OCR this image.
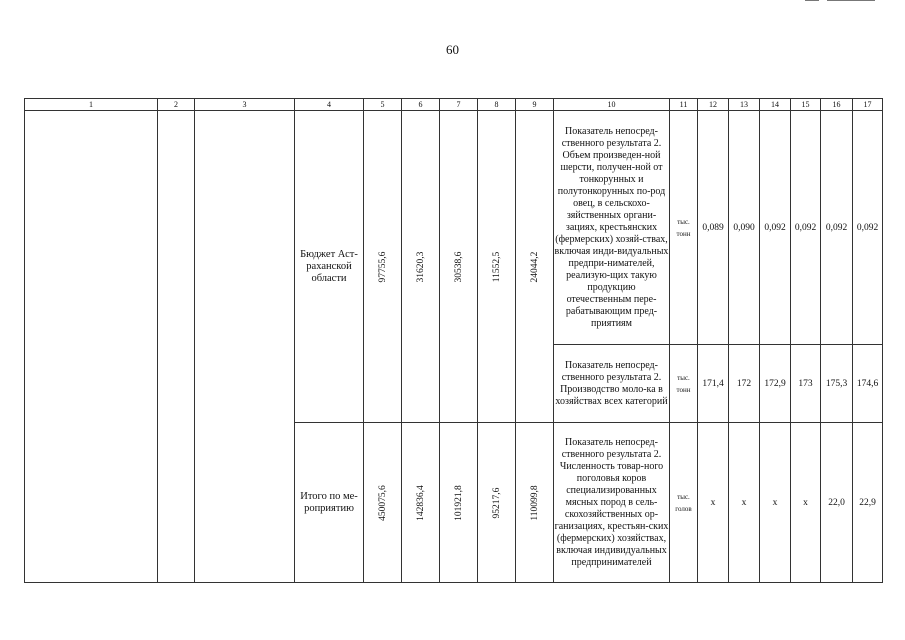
60
1	2	3	4	5	6	7	8	9	10	11	12	13	14	15	16	17
			Бюджет Аст-раханской области	97755,6	31620,3	30538,6	11552,5	24044,2	Показатель непосред-ственного результата 2. Объем произведен-ной шерсти, получен-ной от тонкорунных и полутонкорунных по-род овец, в сельскохо-зяйственных органи-зациях, крестьянских (фермерских) хозяй-ствах, включая инди-видуальных предпри-нимателей, реализую-щих такую продукцию отечественным пере-рабатывающим пред-приятиям	тыс. тонн	0,089	0,090	0,092	0,092	0,092	0,092
									Показатель непосред-ственного результата 2. Производство моло-ка в хозяйствах всех категорий	тыс. тонн	171,4	172	172,9	173	175,3	174,6
			Итого по ме-роприятию	450075,6	142836,4	101921,8	95217,6	110099,8	Показатель непосред-ственного результата 2. Численность товар-ного поголовья коров специализированных мясных пород в сель-скохозяйственных ор-ганизациях, крестьян-ских (фермерских) хозяйствах, включая индивидуальных предпринимателей	тыс. голов	x	x	x	x	22,0	22,9
